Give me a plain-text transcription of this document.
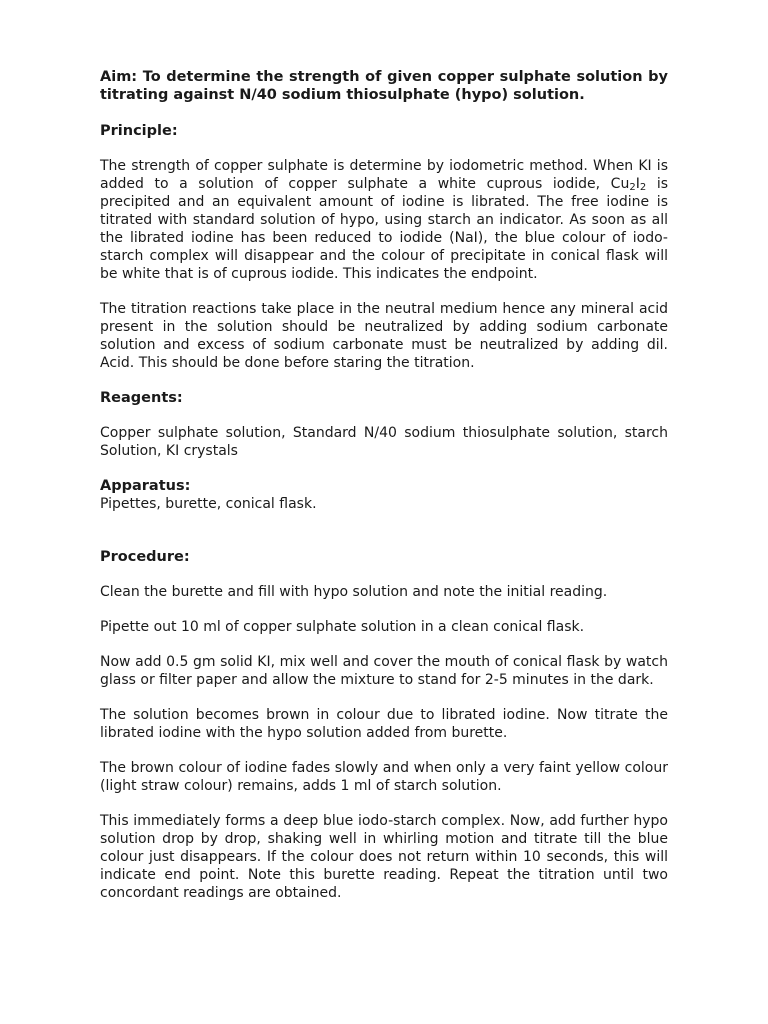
Aim: To determine the strength of given copper sulphate solution by titrating against N/40 sodium thiosulphate (hypo) solution.

Principle:

The strength of copper sulphate is determine by iodometric method. When KI is added to a solution of copper sulphate a white cuprous iodide, $Cu_2I_2$ is precipited and an equivalent amount of iodine is librated. The free iodine is titrated with standard solution of hypo, using starch an indicator. As soon as all the librated iodine has been reduced to iodide (NaI), the blue colour of iodo-starch complex will disappear and the colour of precipitate in conical flask will be white that is of cuprous iodide. This indicates the endpoint.

The titration reactions take place in the neutral medium hence any mineral acid present in the solution should be neutralized by adding sodium carbonate solution and excess of sodium carbonate must be neutralized by adding dil. Acid. This should be done before staring the titration.

Reagents:

Copper sulphate solution, Standard N/40 sodium thiosulphate solution, starch Solution, KI crystals

Apparatus:

Pipettes, burette, conical flask.

Procedure:

Clean the burette and fill with hypo solution and note the initial reading.

Pipette out 10 ml of copper sulphate solution in a clean conical flask.

Now add 0.5 gm solid KI, mix well and cover the mouth of conical flask by watch glass or filter paper and allow the mixture to stand for 2-5 minutes in the dark.

The solution becomes brown in colour due to librated iodine. Now titrate the librated iodine with the hypo solution added from burette.

The brown colour of iodine fades slowly and when only a very faint yellow colour (light straw colour) remains, adds 1 ml of starch solution.

This immediately forms a deep blue iodo-starch complex. Now, add further hypo solution drop by drop, shaking well in whirling motion and titrate till the blue colour just disappears. If the colour does not return within 10 seconds, this will indicate end point. Note this burette reading. Repeat the titration until two concordant readings are obtained.
